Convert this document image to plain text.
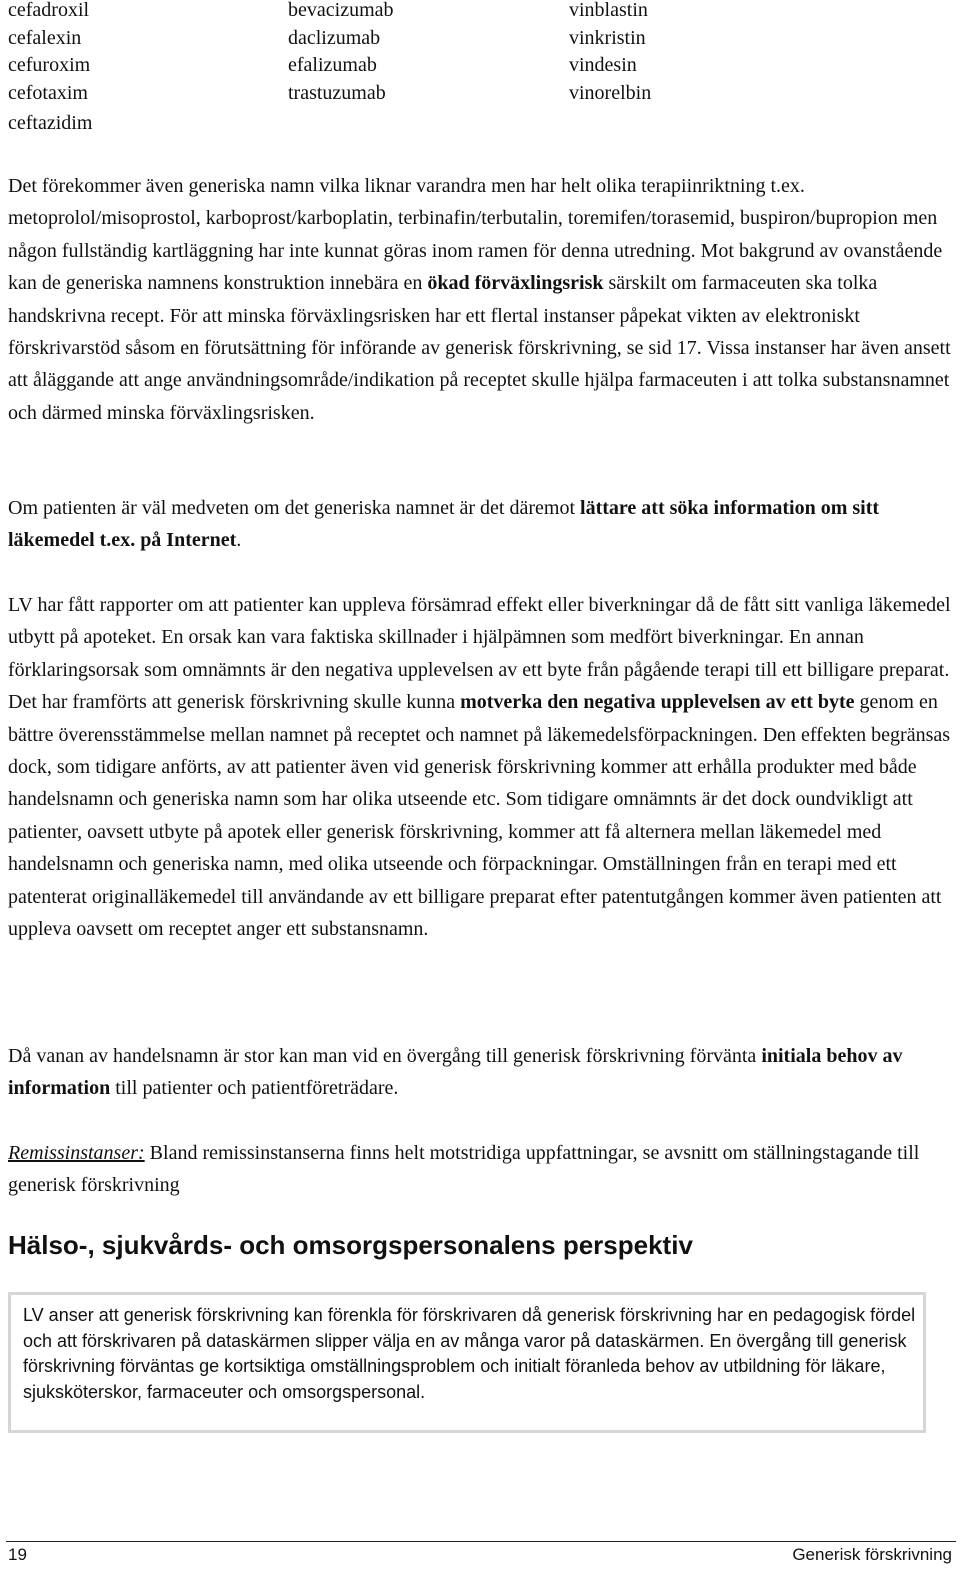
cefadroxil
cefalexin
cefuroxim
cefotaxim
ceftazidim
bevacizumab
daclizumab
efalizumab
trastuzumab
vinblastin
vinkristin
vindesin
vinorelbin

Det förekommer även generiska namn vilka liknar varandra men har helt olika terapiinriktning t.ex. metoprolol/misoprostol, karboprost/karboplatin, terbinafin/terbutalin, toremifen/torasemid, buspiron/bupropion men någon fullständig kartläggning har inte kunnat göras inom ramen för denna utredning. Mot bakgrund av ovanstående kan de generiska namnens konstruktion innebära en ökad förväxlingsrisk särskilt om farmaceuten ska tolka handskrivna recept. För att minska förväxlingsrisken har ett flertal instanser påpekat vikten av elektroniskt förskrivarstöd såsom en förutsättning för införande av generisk förskrivning, se sid 17. Vissa instanser har även ansett att åläggande att ange användningsområde/indikation på receptet skulle hjälpa farmaceuten i att tolka substansnamnet och därmed minska förväxlingsrisken.

Om patienten är väl medveten om det generiska namnet är det däremot lättare att söka information om sitt läkemedel t.ex. på Internet.

LV har fått rapporter om att patienter kan uppleva försämrad effekt eller biverkningar då de fått sitt vanliga läkemedel utbytt på apoteket. En orsak kan vara faktiska skillnader i hjälpämnen som medfört biverkningar. En annan förklaringsorsak som omnämnts är den negativa upplevelsen av ett byte från pågående terapi till ett billigare preparat. Det har framförts att generisk förskrivning skulle kunna motverka den negativa upplevelsen av ett byte genom en bättre överensstämmelse mellan namnet på receptet och namnet på läkemedelsförpackningen. Den effekten begränsas dock, som tidigare anförts, av att patienter även vid generisk förskrivning kommer att erhålla produkter med både handelsnamn och generiska namn som har olika utseende etc. Som tidigare omnämnts är det dock oundvikligt att patienter, oavsett utbyte på apotek eller generisk förskrivning, kommer att få alternera mellan läkemedel med handelsnamn och generiska namn, med olika utseende och förpackningar. Omställningen från en terapi med ett patenterat originalläkemedel till användande av ett billigare preparat efter patentutgången kommer även patienten att uppleva oavsett om receptet anger ett substansnamn.

Då vanan av handelsnamn är stor kan man vid en övergång till generisk förskrivning förvänta initiala behov av information till patienter och patientföreträdare.

Remissinstanser: Bland remissinstanserna finns helt motstridiga uppfattningar, se avsnitt om ställningstagande till generisk förskrivning

Hälso-, sjukvårds- och omsorgspersonalens perspektiv
LV anser att generisk förskrivning kan förenkla för förskrivaren då generisk förskrivning har en pedagogisk fördel och att förskrivaren på dataskärmen slipper välja en av många varor på dataskärmen. En övergång till generisk förskrivning förväntas ge kortsiktiga omställningsproblem och initialt föranleda behov av utbildning för läkare, sjuksköterskor, farmaceuter och omsorgspersonal.
19	Generisk förskrivning
